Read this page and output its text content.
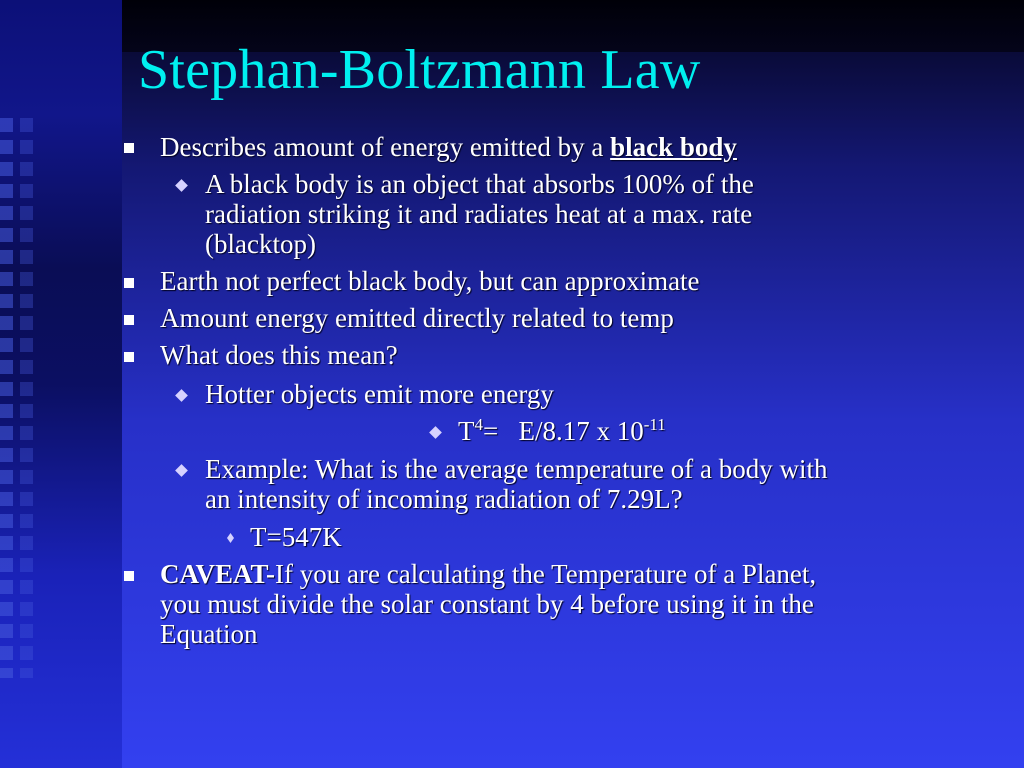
Stephan-Boltzmann Law
Describes amount of energy emitted by a black body
A black body is an object that absorbs 100% of the
radiation striking it and radiates heat at a max. rate
(blacktop)
Earth not perfect black body, but can approximate
Amount energy emitted directly related to temp
What does this mean?
Hotter objects emit more energy
$T^4= E/8.17$ x $10^{-11}$
Example: What is the average temperature of a body with
an intensity of incoming radiation of 7.29L?
T=547K
CAVEAT-If you are calculating the Temperature of a Planet,
you must divide the solar constant by 4 before using it in the
Equation
